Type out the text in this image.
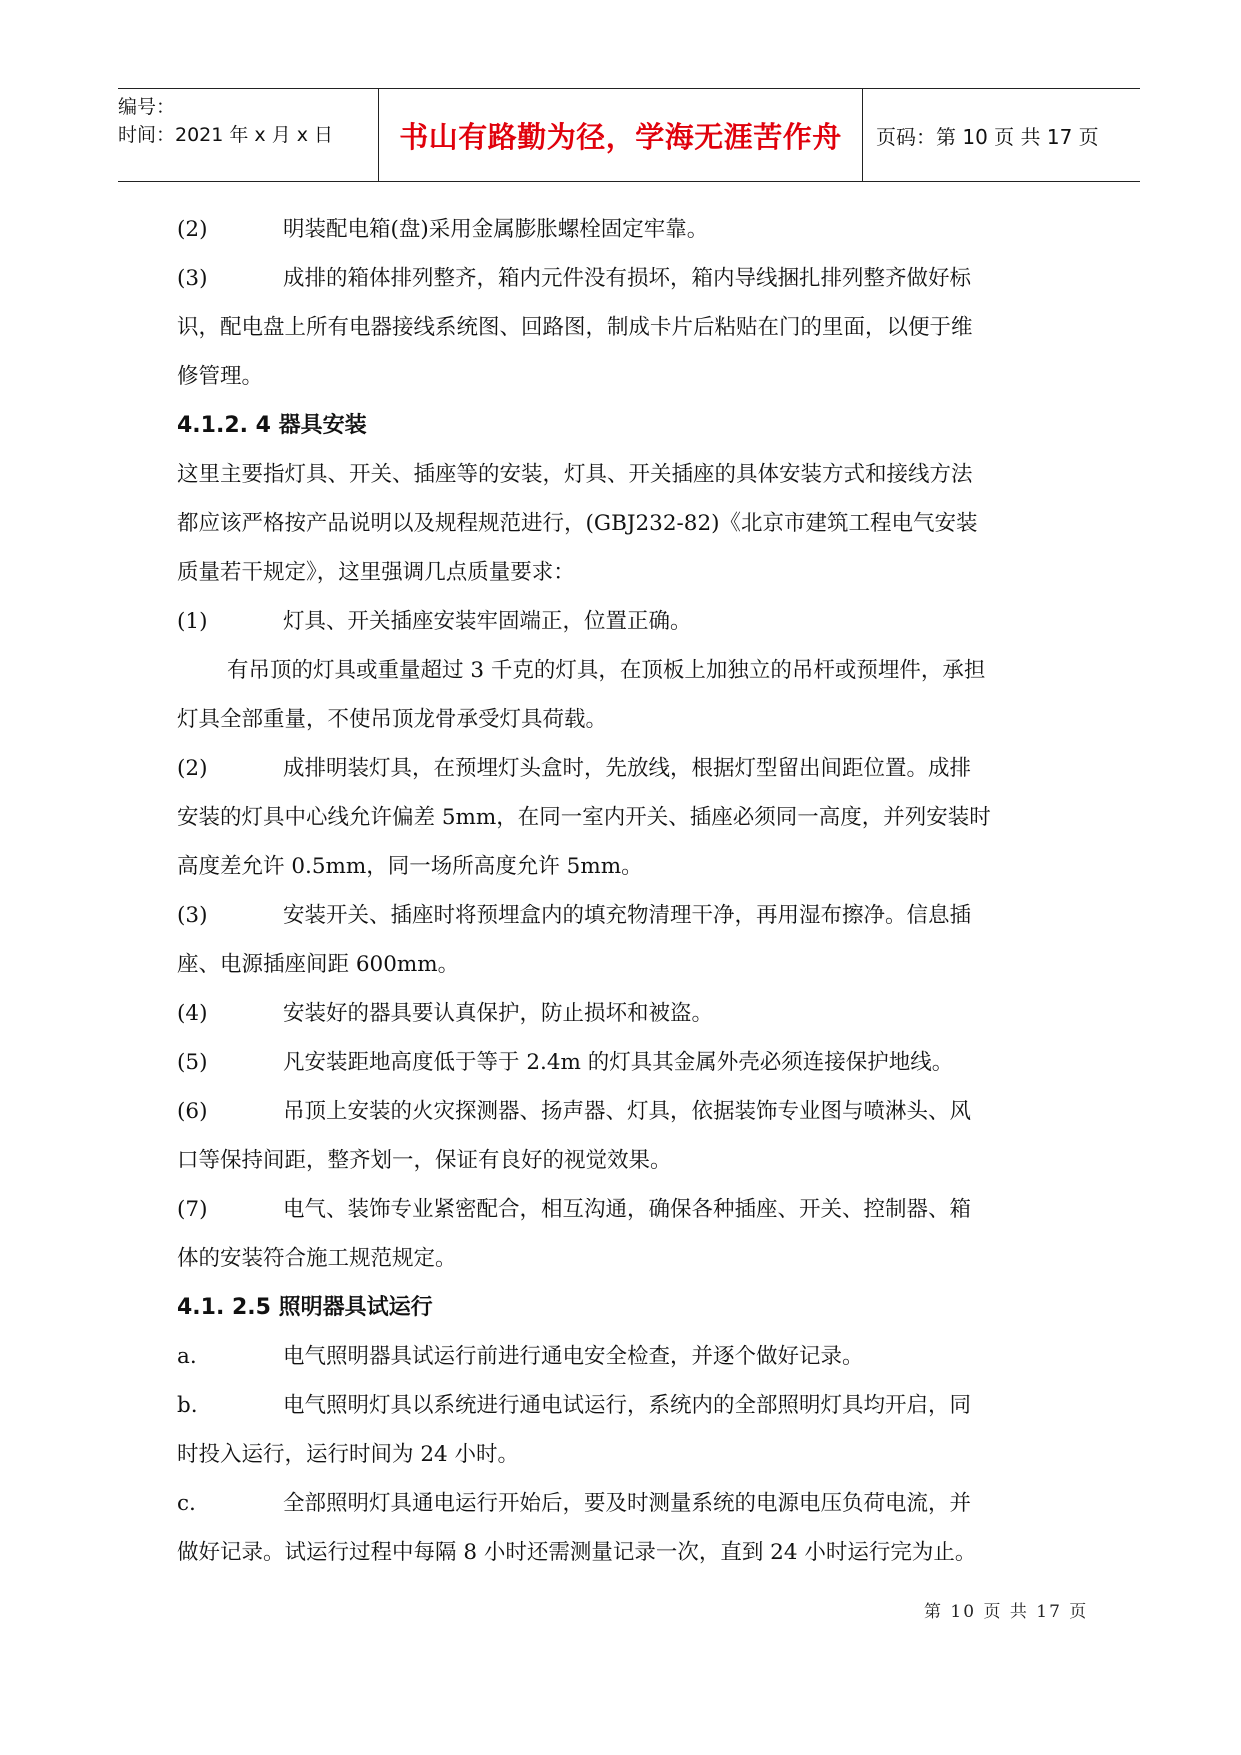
编号：
时间：2021 年 x 月 x 日	书山有路勤为径，学海无涯苦作舟	页码：第 10 页 共 17 页
(2)	明装配电箱(盘)采用金属膨胀螺栓固定牢靠。
(3)	成排的箱体排列整齐，箱内元件没有损坏，箱内导线捆扎排列整齐做好标
识，配电盘上所有电器接线系统图、回路图，制成卡片后粘贴在门的里面，以便于维
修管理。
4.1.2. 4 器具安装
这里主要指灯具、开关、插座等的安装，灯具、开关插座的具体安装方式和接线方法
都应该严格按产品说明以及规程规范进行，(GBJ232-82)《北京市建筑工程电气安装
质量若干规定》，这里强调几点质量要求：
(1)	灯具、开关插座安装牢固端正，位置正确。
有吊顶的灯具或重量超过 3 千克的灯具，在顶板上加独立的吊杆或预埋件，承担
灯具全部重量，不使吊顶龙骨承受灯具荷载。
(2)	成排明装灯具，在预埋灯头盒时，先放线，根据灯型留出间距位置。成排
安装的灯具中心线允许偏差 5mm，在同一室内开关、插座必须同一高度，并列安装时
高度差允许 0.5mm，同一场所高度允许 5mm。
(3)	安装开关、插座时将预埋盒内的填充物清理干净，再用湿布擦净。信息插
座、电源插座间距 600mm。
(4)	安装好的器具要认真保护，防止损坏和被盗。
(5)	凡安装距地高度低于等于 2.4m 的灯具其金属外壳必须连接保护地线。
(6)	吊顶上安装的火灾探测器、扬声器、灯具，依据装饰专业图与喷淋头、风
口等保持间距，整齐划一，保证有良好的视觉效果。
(7)	电气、装饰专业紧密配合，相互沟通，确保各种插座、开关、控制器、箱
体的安装符合施工规范规定。
4.1. 2.5 照明器具试运行
a.	电气照明器具试运行前进行通电安全检查，并逐个做好记录。
b.	电气照明灯具以系统进行通电试运行，系统内的全部照明灯具均开启，同
时投入运行，运行时间为 24 小时。
c.	全部照明灯具通电运行开始后，要及时测量系统的电源电压负荷电流，并
做好记录。试运行过程中每隔 8 小时还需测量记录一次，直到 24 小时运行完为止。
第 10 页 共 17 页
